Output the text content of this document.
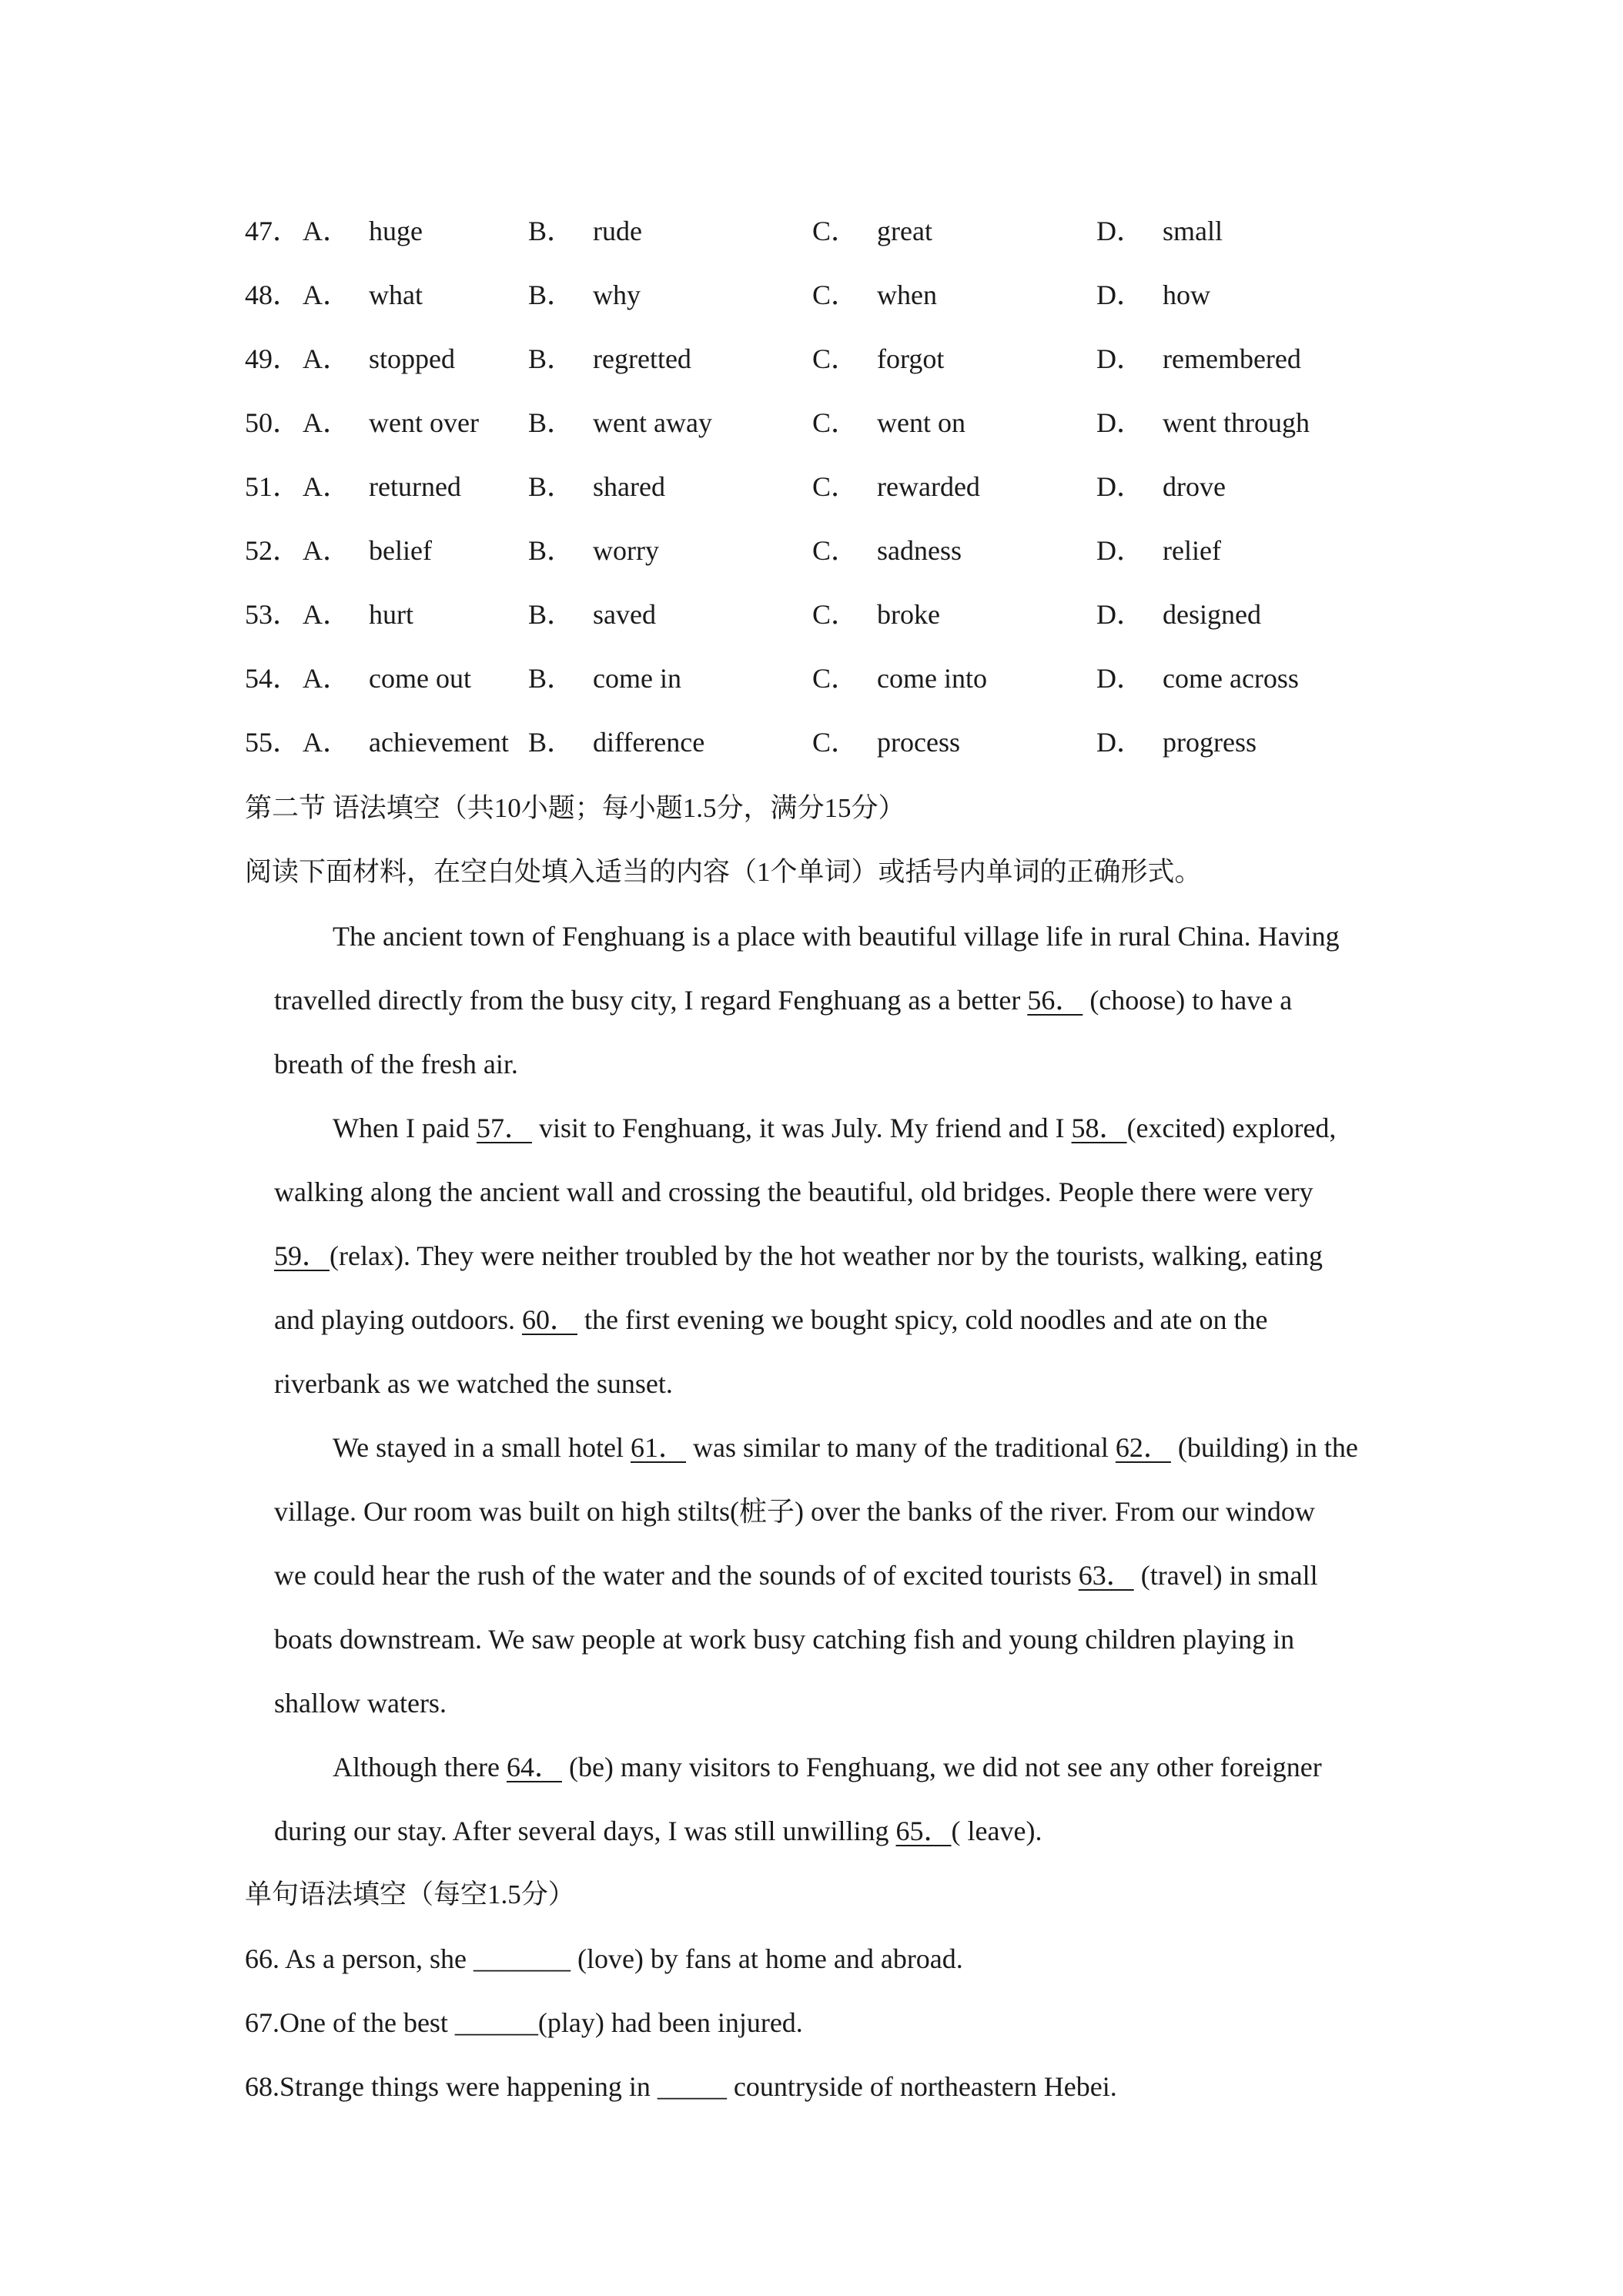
47． A． huge	B． rude	C． great	D． small
48． A． what	B． why	C． when	D． how
49． A． stopped	B． regretted	C． forgot	D． remembered
50． A． went over B． went away	C． went on	D． went through
51． A． returned B． shared	C． rewarded	D． drove
52． A． belief	B． worry	C． sadness	D． relief
53． A． hurt	B． saved	C． broke	D． designed
54． A． come out B． come in	C． come into	D． come across
55． A． achievement B． difference	C． process	D． progress
第二节 语法填空（共10小题；每小题1.5分，满分15分）
阅读下面材料，在空白处填入适当的内容（1个单词）或括号内单词的正确形式。
The ancient town of Fenghuang is a place with beautiful village life in rural China. Having
travelled directly from the busy city, I regard Fenghuang as a better 56． (choose) to have a
breath of the fresh air.
When I paid 57． visit to Fenghuang, it was July. My friend and I 58．(excited) explored,
walking along the ancient wall and crossing the beautiful, old bridges. People there were very
59．(relax). They were neither troubled by the hot weather nor by the tourists, walking, eating
and playing outdoors. 60． the first evening we bought spicy, cold noodles and ate on the
riverbank as we watched the sunset.
We stayed in a small hotel 61． was similar to many of the traditional 62． (building) in the
village. Our room was built on high stilts(桩子) over the banks of the river. From our window
we could hear the rush of the water and the sounds of of excited tourists 63． (travel) in small
boats downstream. We saw people at work busy catching fish and young children playing in
shallow waters.
Although there 64． (be) many visitors to Fenghuang, we did not see any other foreigner
during our stay. After several days, I was still unwilling 65．( leave).
单句语法填空（每空1.5分）
66. As a person, she _______ (love) by fans at home and abroad.
67.One of the best ______(play) had been injured.
68.Strange things were happening in _____ countryside of northeastern Hebei.
